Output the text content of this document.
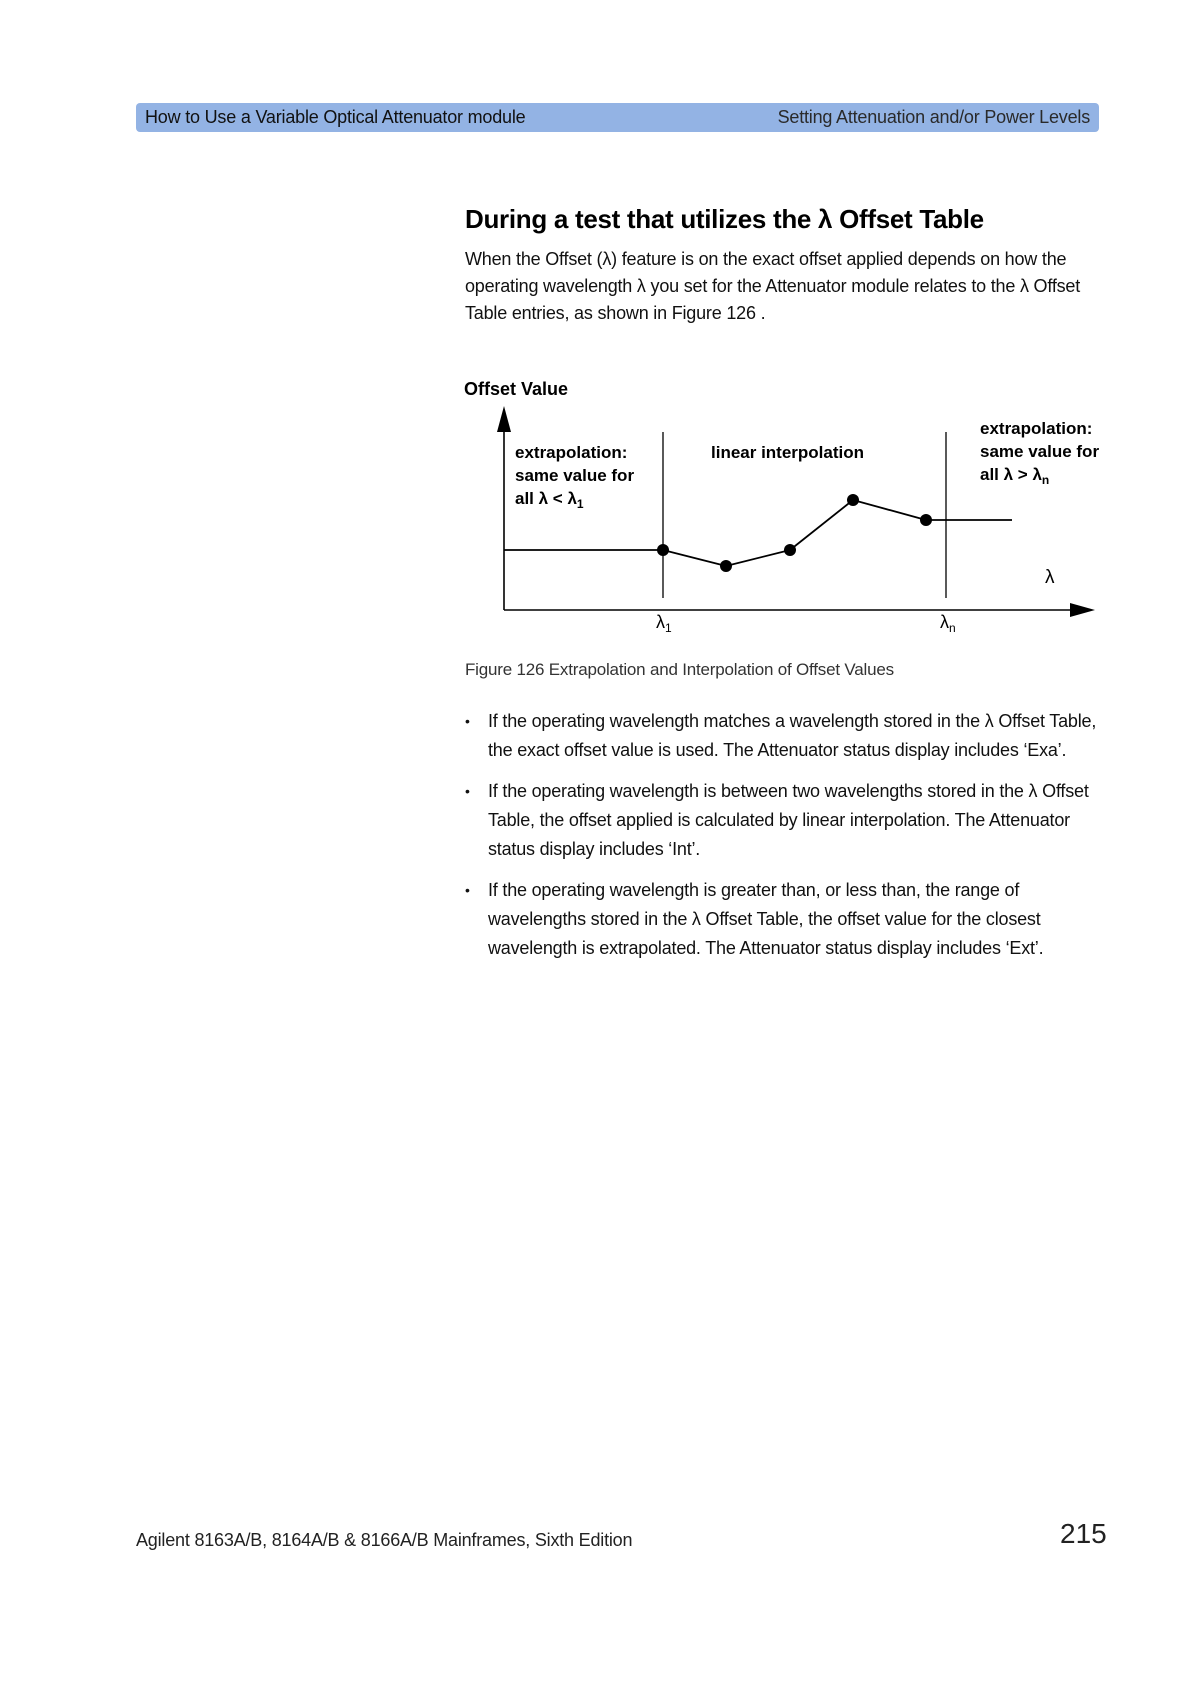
How to Use a Variable Optical Attenuator module	Setting Attenuation and/or Power Levels
During a test that utilizes the λ Offset Table

When the Offset (λ) feature is on the exact offset applied depends on how the operating wavelength λ you set for the Attenuator module relates to the λ Offset Table entries, as shown in Figure 126 .

Offset Value
extrapolation:
same value for
all $\lambda < \lambda_1$
linear interpolation
extrapolation:
same value for
all $\lambda > \lambda_n$
λ
$\lambda_1$	$\lambda_n$

Figure 126 Extrapolation and Interpolation of Offset Values

• If the operating wavelength matches a wavelength stored in the λ Offset Table, the exact offset value is used. The Attenuator status display includes ‘Exa’.
• If the operating wavelength is between two wavelengths stored in the λ Offset Table, the offset applied is calculated by linear interpolation. The Attenuator status display includes ‘Int’.
• If the operating wavelength is greater than, or less than, the range of wavelengths stored in the λ Offset Table, the offset value for the closest wavelength is extrapolated. The Attenuator status display includes ‘Ext’.
Agilent 8163A/B, 8164A/B & 8166A/B Mainframes, Sixth Edition	215
